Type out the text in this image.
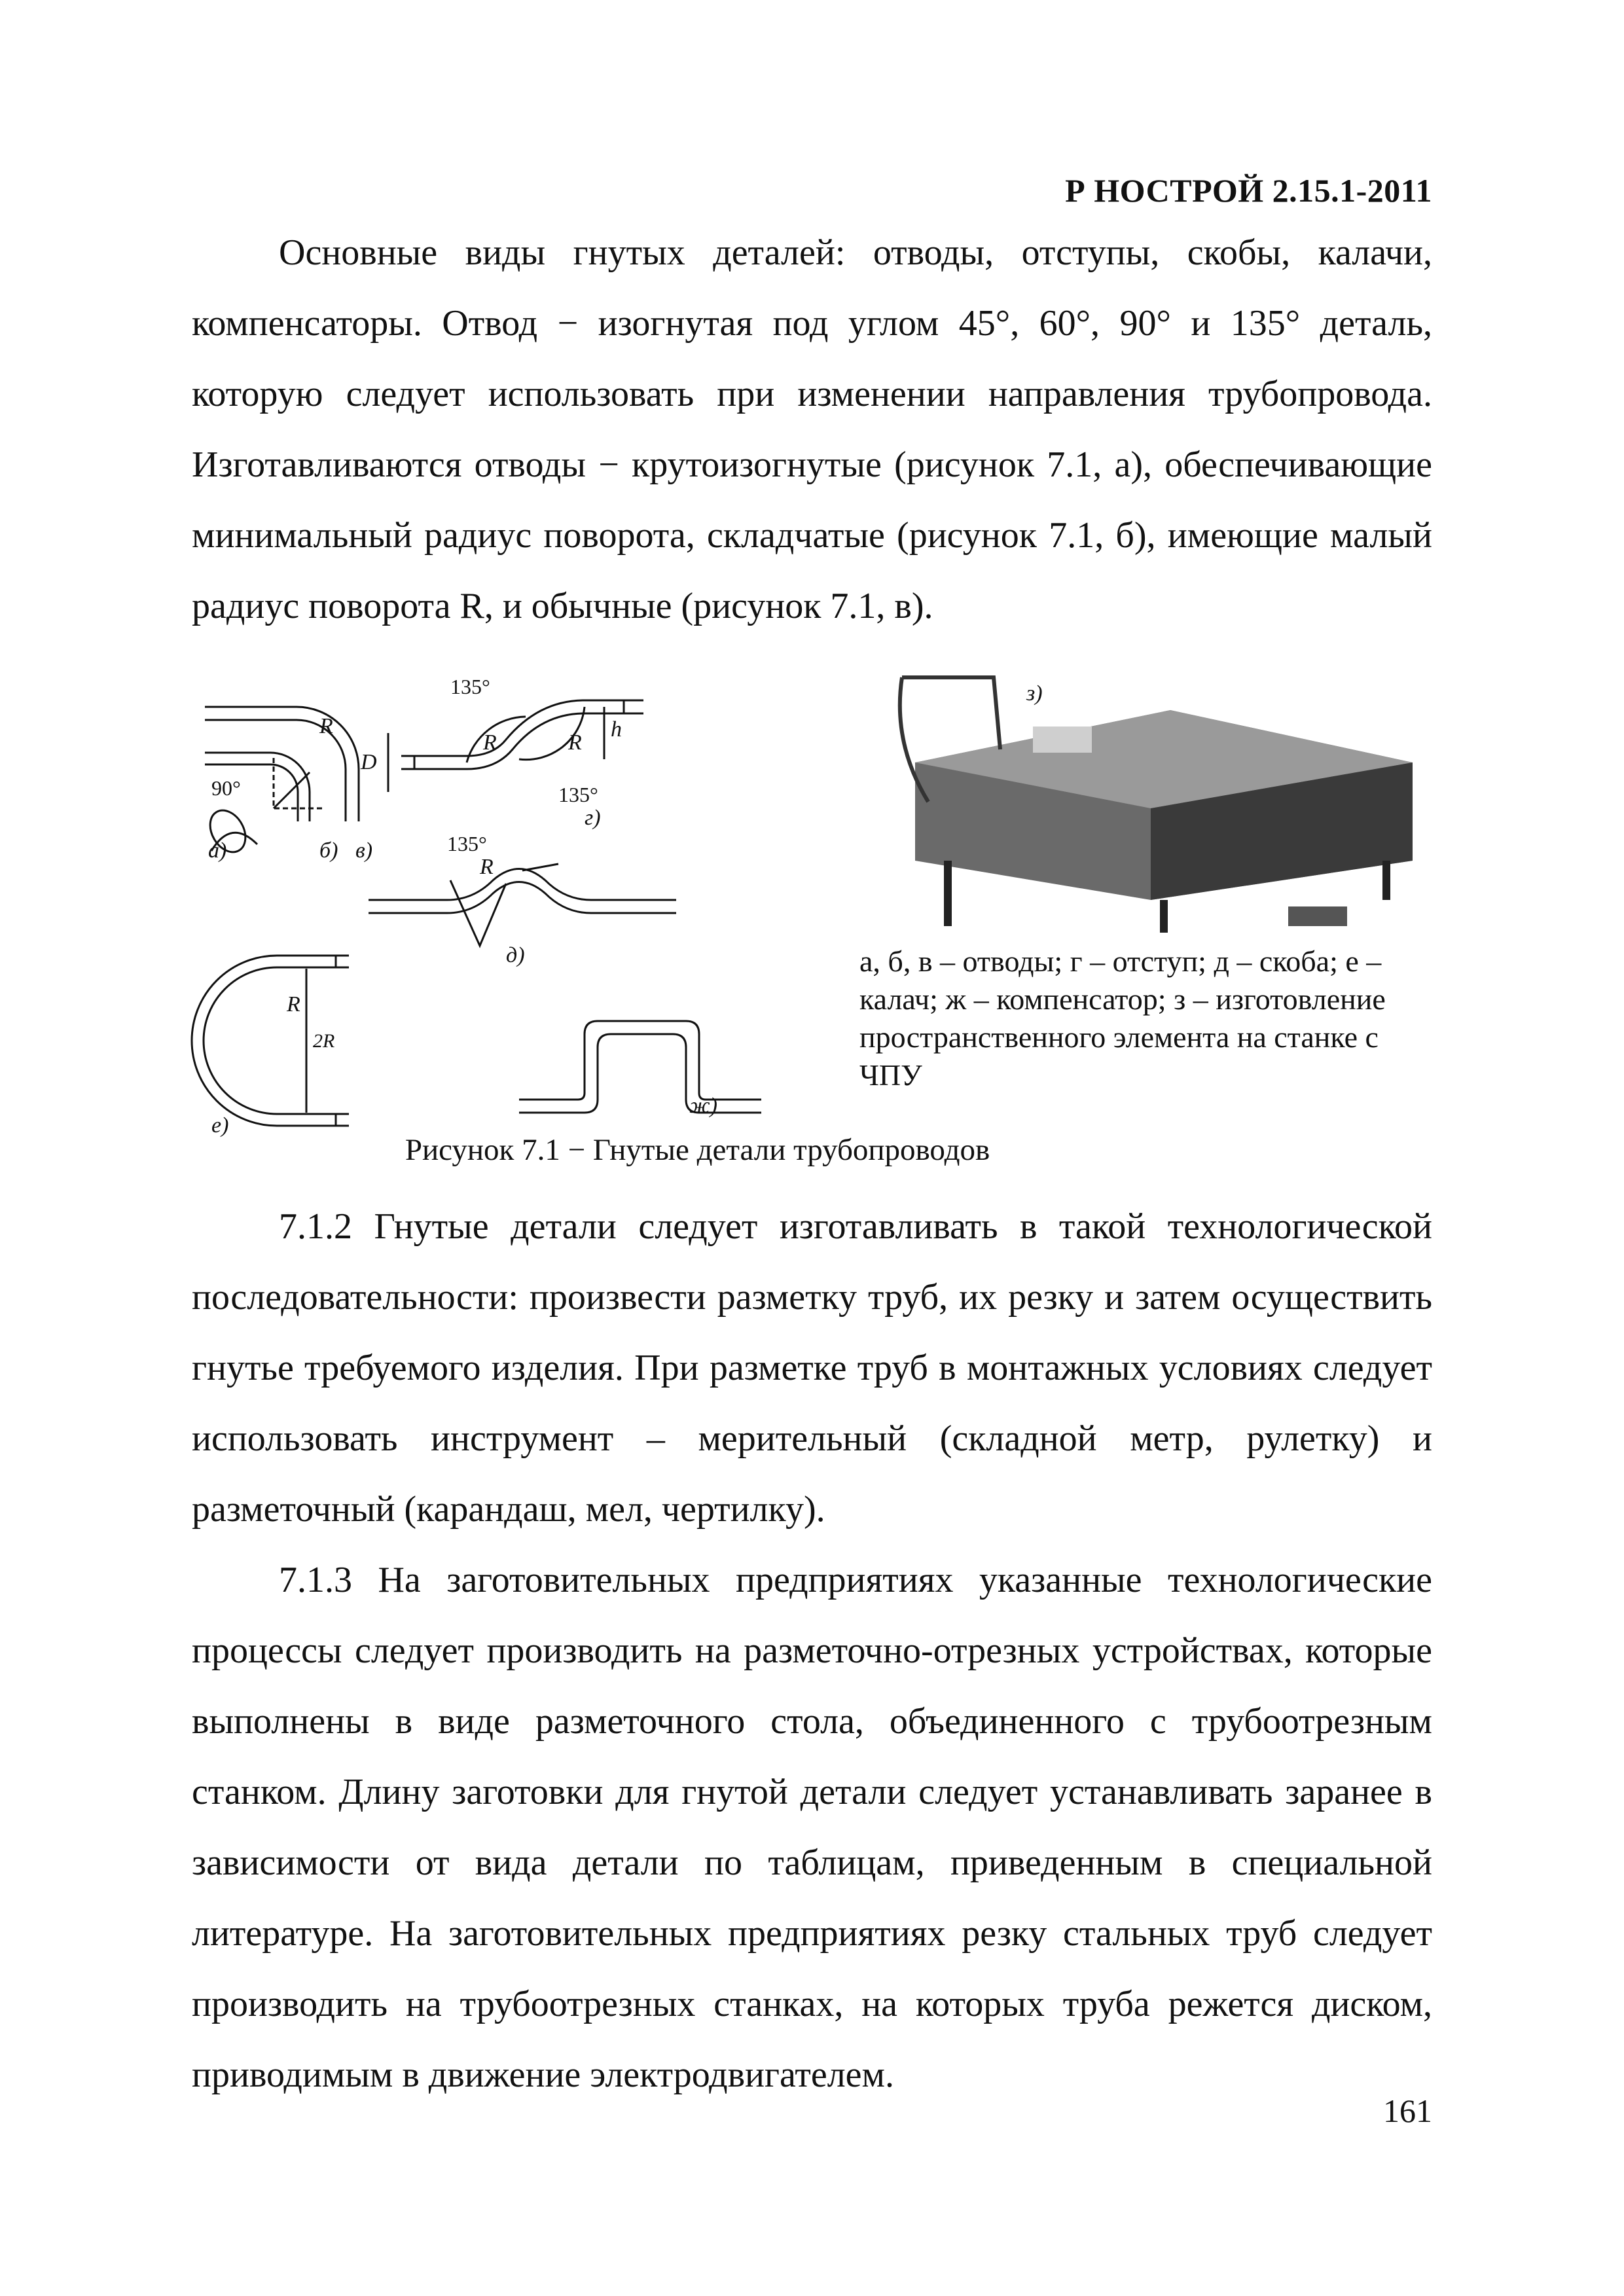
Р НОСТРОЙ 2.15.1-2011

Основные виды гнутых деталей: отводы, отступы, скобы, калачи, компенсаторы. Отвод − изогнутая под углом 45°, 60°, 90° и 135° деталь, которую следует использовать при изменении направления трубопровода. Изготавливаются отводы − крутоизогнутые (рисунок 7.1, а), обеспечивающие минимальный радиус поворота, складчатые (рисунок 7.1, б), имеющие малый радиус поворота R, и обычные (рисунок 7.1, в).

а)	б) в)
г)
д)
е)
ж)
R
R	R
h
D
R
R
2R
90°
135°
135°
135°
з)

а, б, в – отводы; г – отступ; д – скоба; е – калач; ж – компенсатор; з – изготовление пространственного элемента на станке с ЧПУ

Рисунок 7.1 − Гнутые детали трубопроводов

7.1.2 Гнутые детали следует изготавливать в такой технологической последовательности: произвести разметку труб, их резку и затем осуществить гнутье требуемого изделия. При разметке труб в монтажных условиях следует использовать инструмент – мерительный (складной метр, рулетку) и разметочный (карандаш, мел, чертилку).

7.1.3 На заготовительных предприятиях указанные технологические процессы следует производить на разметочно-отрезных устройствах, которые выполнены в виде разметочного стола, объединенного с трубоотрезным станком. Длину заготовки для гнутой детали следует устанавливать заранее в зависимости от вида детали по таблицам, приведенным в специальной литературе. На заготовительных предприятиях резку стальных труб следует производить на трубоотрезных станках, на которых труба режется диском, приводимым в движение электродвигателем.

161
